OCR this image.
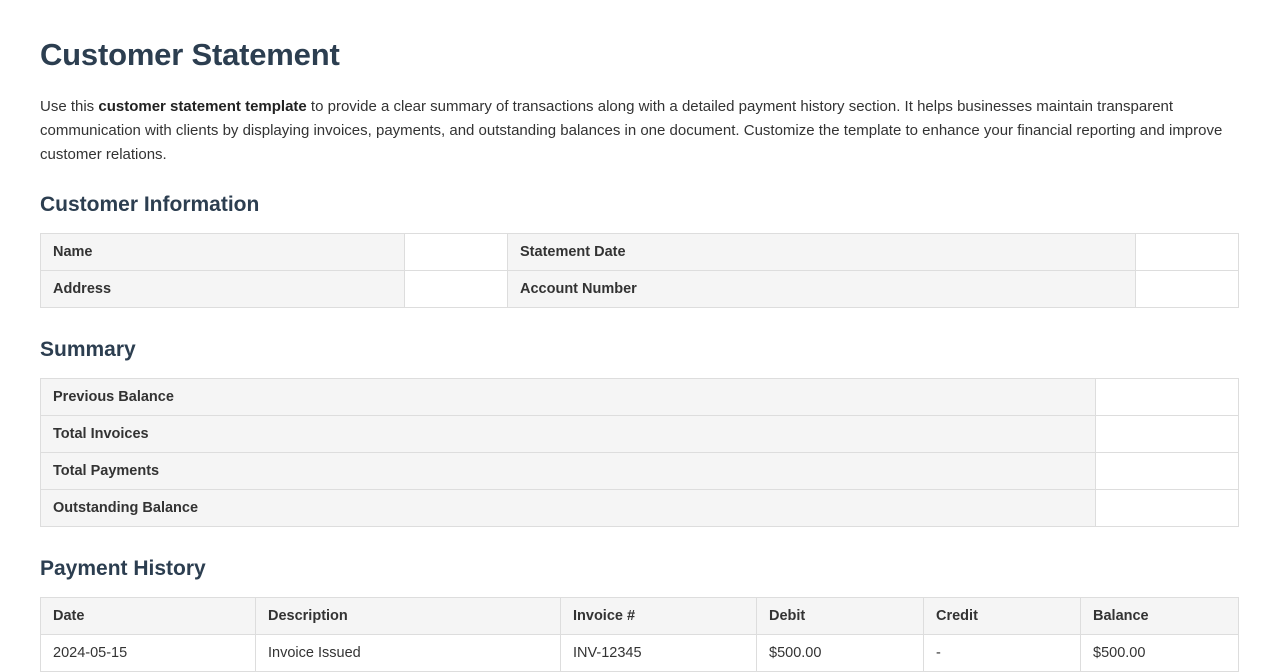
Customer Statement

Use this customer statement template to provide a clear summary of transactions along with a detailed payment history section. It helps businesses maintain transparent communication with clients by displaying invoices, payments, and outstanding balances in one document. Customize the template to enhance your financial reporting and improve customer relations.

Customer Information
Name		Statement Date	
Address		Account Number	
Summary
Previous Balance	
Total Invoices	
Total Payments	
Outstanding Balance	
Payment History
Date	Description	Invoice #	Debit	Credit	Balance
2024-05-15	Invoice Issued	INV-12345	$500.00	-	$500.00
